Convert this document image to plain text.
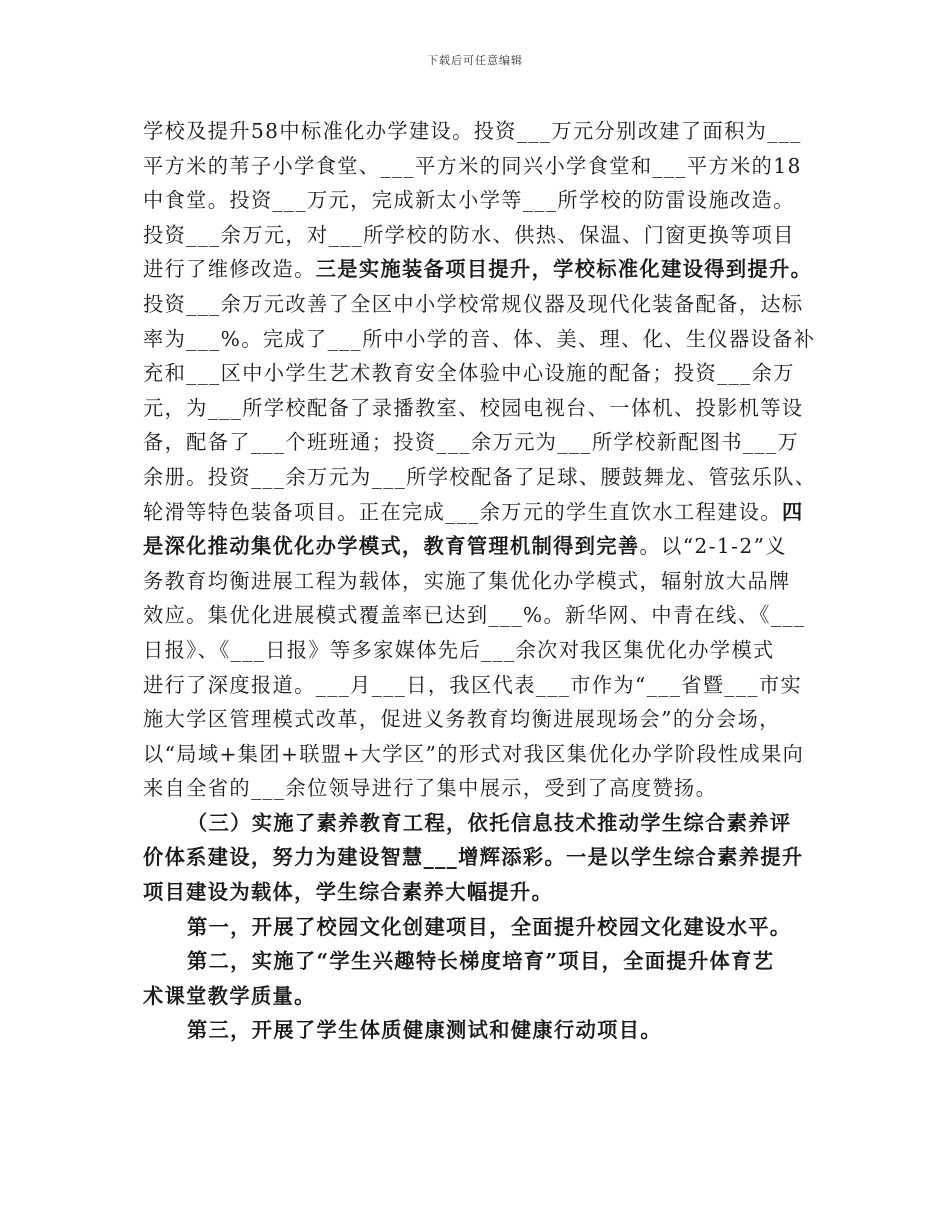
下载后可任意编辑
学校及提升58中标准化办学建设。投资___万元分别改建了面积为___
平方米的苇子小学食堂、___平方米的同兴小学食堂和___平方米的18
中食堂。投资___万元，完成新太小学等___所学校的防雷设施改造。
投资___余万元，对___所学校的防水、供热、保温、门窗更换等项目
进行了维修改造。三是实施装备项目提升，学校标准化建设得到提升。
投资___余万元改善了全区中小学校常规仪器及现代化装备配备，达标
率为___%。完成了___所中小学的音、体、美、理、化、生仪器设备补
充和___区中小学生艺术教育安全体验中心设施的配备；投资___余万
元，为___所学校配备了录播教室、校园电视台、一体机、投影机等设
备，配备了___个班班通；投资___余万元为___所学校新配图书___万
余册。投资___余万元为___所学校配备了足球、腰鼓舞龙、管弦乐队、
轮滑等特色装备项目。正在完成___余万元的学生直饮水工程建设。四
是深化推动集优化办学模式，教育管理机制得到完善。以“2-1-2”义
务教育均衡进展工程为载体，实施了集优化办学模式，辐射放大品牌
效应。集优化进展模式覆盖率已达到___%。新华网、中青在线、《___
日报》、《___日报》等多家媒体先后___余次对我区集优化办学模式
进行了深度报道。___月___日，我区代表___市作为“___省暨___市实
施大学区管理模式改革，促进义务教育均衡进展现场会”的分会场，
以“局域+集团+联盟+大学区”的形式对我区集优化办学阶段性成果向
来自全省的___余位领导进行了集中展示，受到了高度赞扬。
（三）实施了素养教育工程，依托信息技术推动学生综合素养评
价体系建设，努力为建设智慧___增辉添彩。一是以学生综合素养提升
项目建设为载体，学生综合素养大幅提升。
第一，开展了校园文化创建项目，全面提升校园文化建设水平。
第二，实施了“学生兴趣特长梯度培育”项目，全面提升体育艺
术课堂教学质量。
第三，开展了学生体质健康测试和健康行动项目。
